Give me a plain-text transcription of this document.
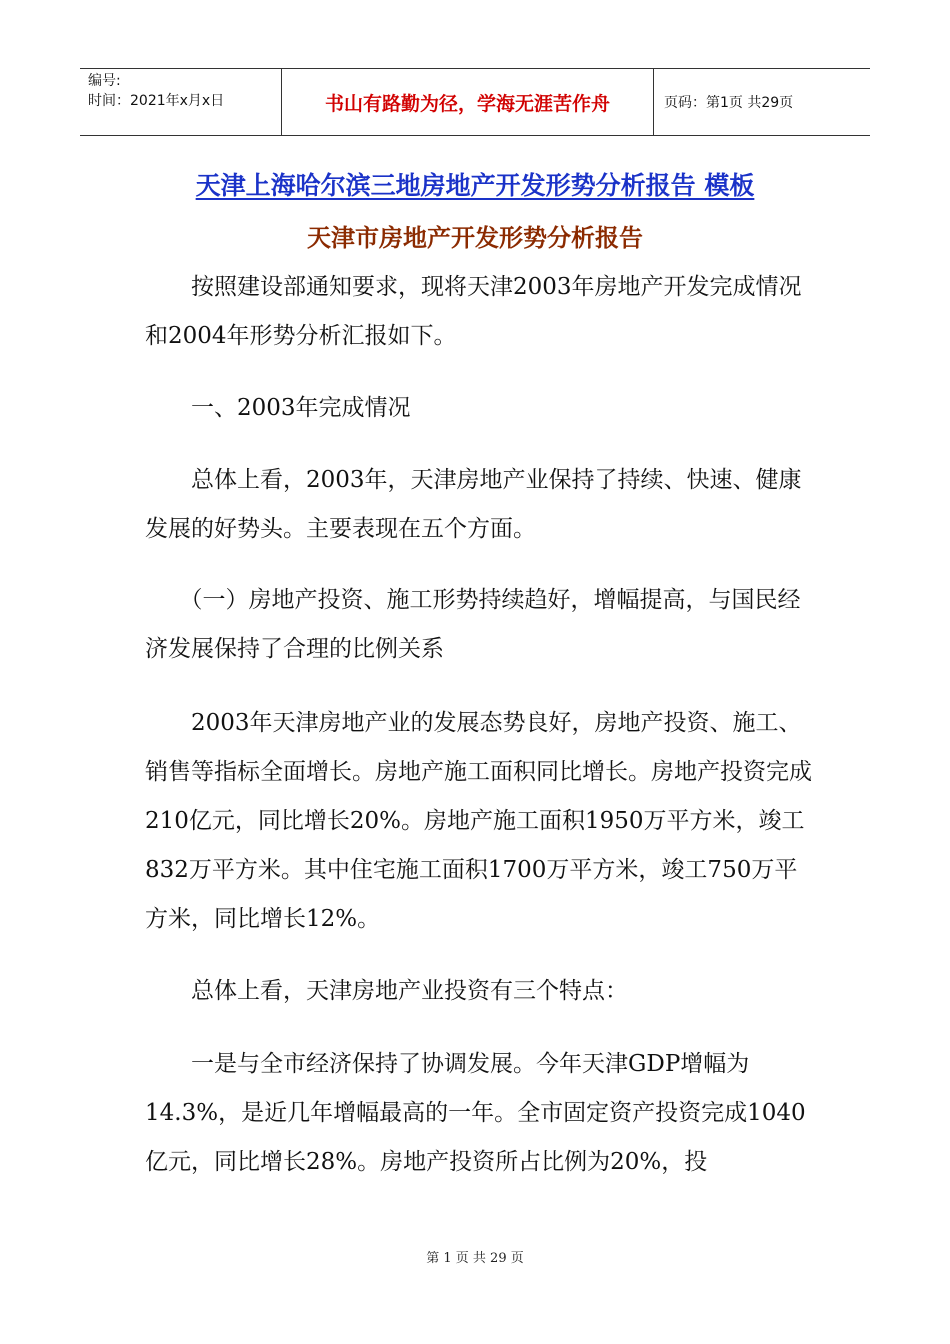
编号:
时间：2021年x月x日	书山有路勤为径，学海无涯苦作舟	页码：第1页 共29页
天津上海哈尔滨三地房地产开发形势分析报告 模板
天津市房地产开发形势分析报告

　　按照建设部通知要求，现将天津2003年房地产开发完成情况和2004年形势分析汇报如下。

　　一、2003年完成情况

　　总体上看，2003年，天津房地产业保持了持续、快速、健康发展的好势头。主要表现在五个方面。

　　（一）房地产投资、施工形势持续趋好，增幅提高，与国民经济发展保持了合理的比例关系

　　2003年天津房地产业的发展态势良好，房地产投资、施工、销售等指标全面增长。房地产施工面积同比增长。房地产投资完成210亿元，同比增长20%。房地产施工面积1950万平方米，竣工832万平方米。其中住宅施工面积1700万平方米，竣工750万平方米，同比增长12%。

　　总体上看，天津房地产业投资有三个特点：

　　一是与全市经济保持了协调发展。今年天津GDP增幅为14.3%，是近几年增幅最高的一年。全市固定资产投资完成1040亿元，同比增长28%。房地产投资所占比例为20%，投

第 1 页 共 29 页
